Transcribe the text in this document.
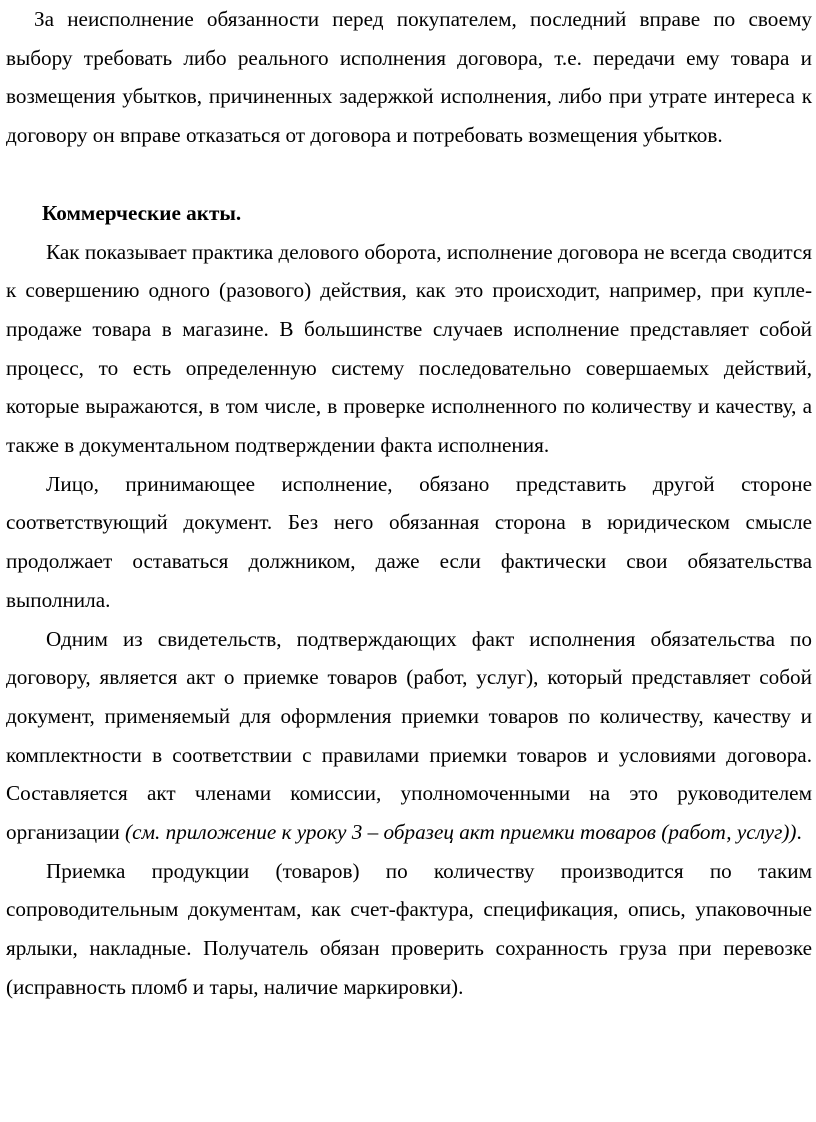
За неисполнение обязанности перед покупателем, последний вправе по своему выбору требовать либо реального исполнения договора, т.е. передачи ему товара и возмещения убытков, причиненных задержкой исполнения, либо при утрате интереса к договору он вправе отказаться от договора и потребовать возмещения убытков.

Коммерческие акты.

Как показывает практика делового оборота, исполнение договора не всегда сводится к совершению одного (разового) действия, как это происходит, например, при купле-продаже товара в магазине. В большинстве случаев исполнение представляет собой процесс, то есть определенную систему последовательно совершаемых действий, которые выражаются, в том числе, в проверке исполненного по количеству и качеству, а также в документальном подтверждении факта исполнения.

Лицо, принимающее исполнение, обязано представить другой стороне соответствующий документ. Без него обязанная сторона в юридическом смысле продолжает оставаться должником, даже если фактически свои обязательства выполнила.

Одним из свидетельств, подтверждающих факт исполнения обязательства по договору, является акт о приемке товаров (работ, услуг), который представляет собой документ, применяемый для оформления приемки товаров по количеству, качеству и комплектности в соответствии с правилами приемки товаров и условиями договора. Составляется акт членами комиссии, уполномоченными на это руководителем организации (см. приложение к уроку 3 – образец акт приемки товаров (работ, услуг)).

Приемка продукции (товаров) по количеству производится по таким сопроводительным документам, как счет-фактура, спецификация, опись, упаковочные ярлыки, накладные. Получатель обязан проверить сохранность груза при перевозке (исправность пломб и тары, наличие маркировки).
